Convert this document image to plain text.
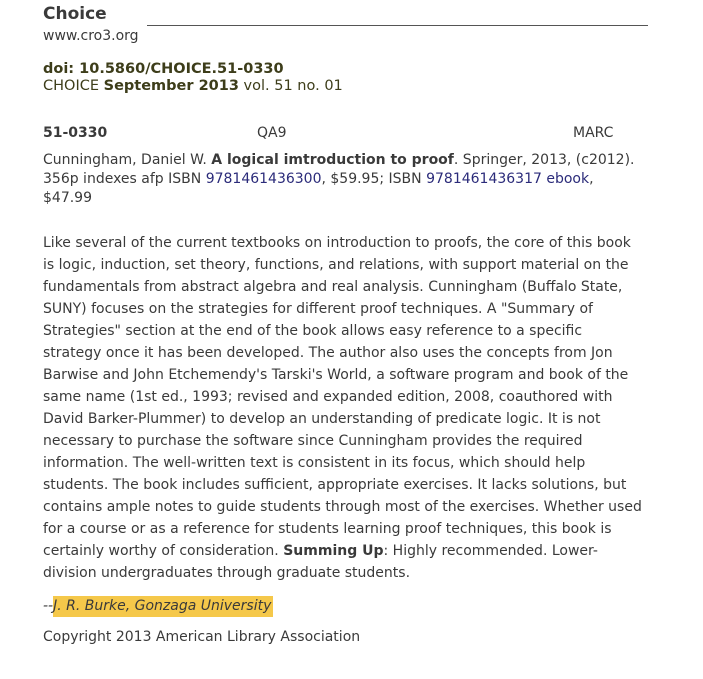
Choice
www.cro3.org
doi: 10.5860/CHOICE.51-0330
CHOICE September 2013 vol. 51 no. 01
51-0330	QA9	MARC
Cunningham, Daniel W. A logical imtroduction to proof. Springer, 2013, (c2012). 356p indexes afp ISBN 9781461436300, $59.95; ISBN 9781461436317 ebook, $47.99
Like several of the current textbooks on introduction to proofs, the core of this book is logic, induction, set theory, functions, and relations, with support material on the fundamentals from abstract algebra and real analysis. Cunningham (Buffalo State, SUNY) focuses on the strategies for different proof techniques. A "Summary of Strategies" section at the end of the book allows easy reference to a specific strategy once it has been developed. The author also uses the concepts from Jon Barwise and John Etchemendy's Tarski's World, a software program and book of the same name (1st ed., 1993; revised and expanded edition, 2008, coauthored with David Barker-Plummer) to develop an understanding of predicate logic. It is not necessary to purchase the software since Cunningham provides the required information. The well-written text is consistent in its focus, which should help students. The book includes sufficient, appropriate exercises. It lacks solutions, but contains ample notes to guide students through most of the exercises. Whether used for a course or as a reference for students learning proof techniques, this book is certainly worthy of consideration. Summing Up: Highly recommended. Lower-division undergraduates through graduate students.
--J. R. Burke, Gonzaga University
Copyright 2013 American Library Association
